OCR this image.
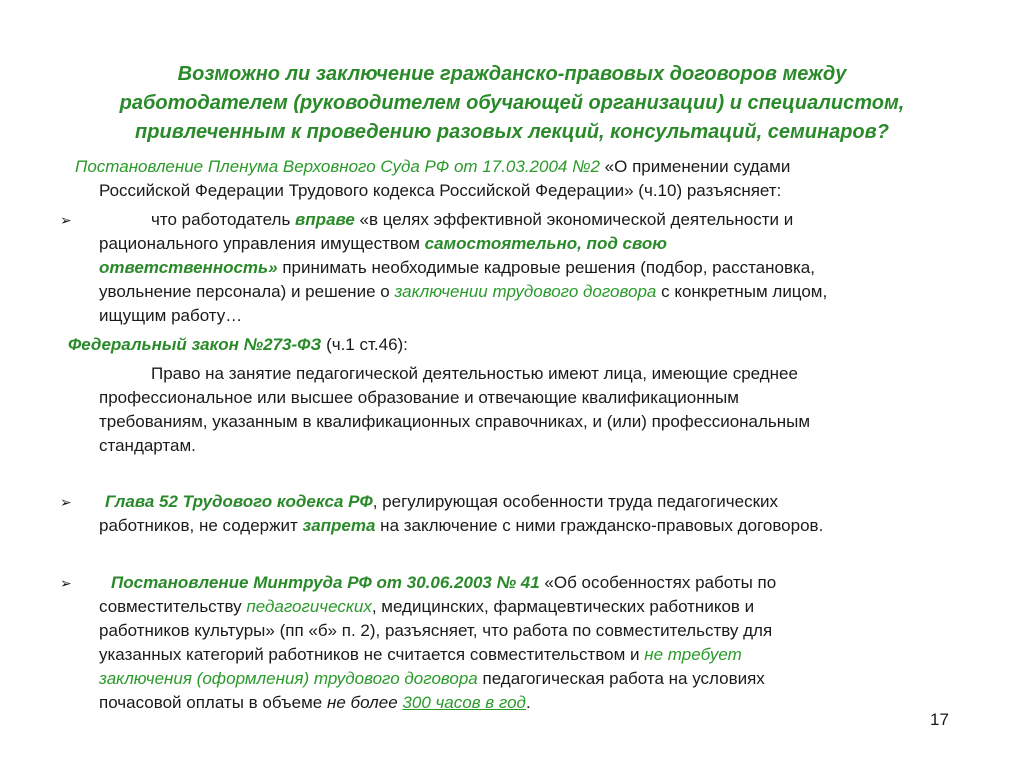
Возможно ли заключение гражданско-правовых договоров между
работодателем (руководителем обучающей организации) и специалистом,
привлеченным к проведению разовых лекций, консультаций, семинаров?
Постановление Пленума Верховного Суда РФ от 17.03.2004 №2 «О применении судами
Российской Федерации Трудового кодекса Российской Федерации» (ч.10) разъясняет:
➢	что работодатель вправе «в целях эффективной экономической деятельности и
рационального управления имуществом самостоятельно, под свою
ответственность» принимать необходимые кадровые решения (подбор, расстановка,
увольнение персонала) и решение о заключении трудового договора с конкретным лицом,
ищущим работу…
Федеральный закон №273-ФЗ (ч.1 ст.46):
Право на занятие педагогической деятельностью имеют лица, имеющие среднее
профессиональное или высшее образование и отвечающие квалификационным
требованиям, указанным в квалификационных справочниках, и (или) профессиональным
стандартам.
➢	Глава 52 Трудового кодекса РФ, регулирующая особенности труда педагогических
работников, не содержит запрета на заключение с ними гражданско-правовых договоров.
➢	Постановление Минтруда РФ от 30.06.2003 № 41 «Об особенностях работы по
совместительству педагогических, медицинских, фармацевтических работников и
работников культуры» (пп «б» п. 2), разъясняет, что работа по совместительству для
указанных категорий работников не считается совместительством и не требует
заключения (оформления) трудового договора педагогическая работа на условиях
почасовой оплаты в объеме не более 300 часов в год.
17
